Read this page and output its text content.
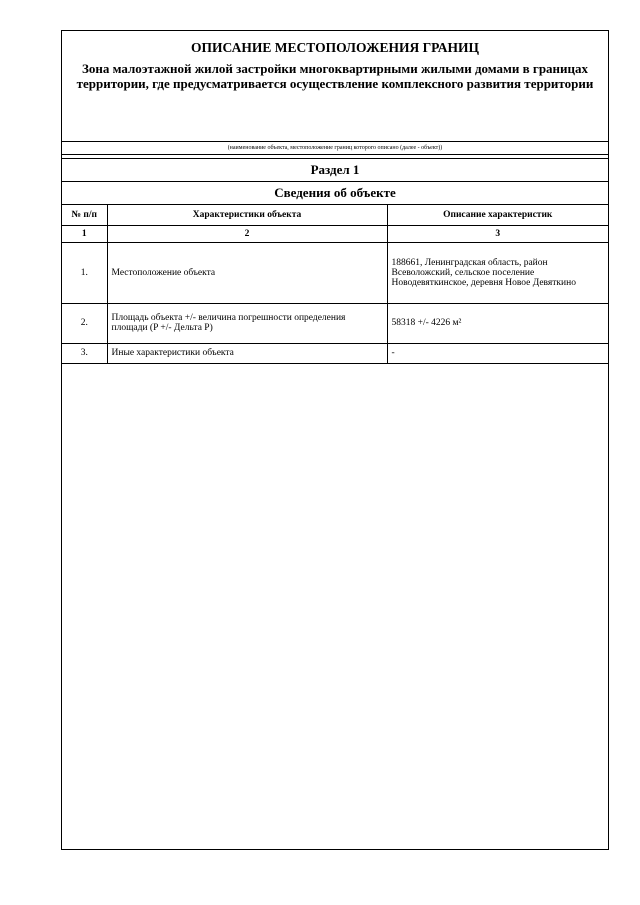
ОПИСАНИЕ МЕСТОПОЛОЖЕНИЯ ГРАНИЦ
Зона малоэтажной жилой застройки многоквартирными жилыми домами в границах территории, где предусматривается осуществление комплексного развития территории
(наименование объекта, местоположение границ которого описано (далее - объект))
Раздел 1
Сведения об объекте
№ п/п	Характеристики объекта	Описание характеристик
1	2	3
1.	Местоположение объекта	188661, Ленинградская область, район Всеволожский, сельское поселение Новодевяткинское, деревня Новое Девяткино
2.	Площадь объекта +/- величина погрешности определения площади (P +/- Дельта P)	58318 +/- 4226 м²
3.	Иные характеристики объекта	-
